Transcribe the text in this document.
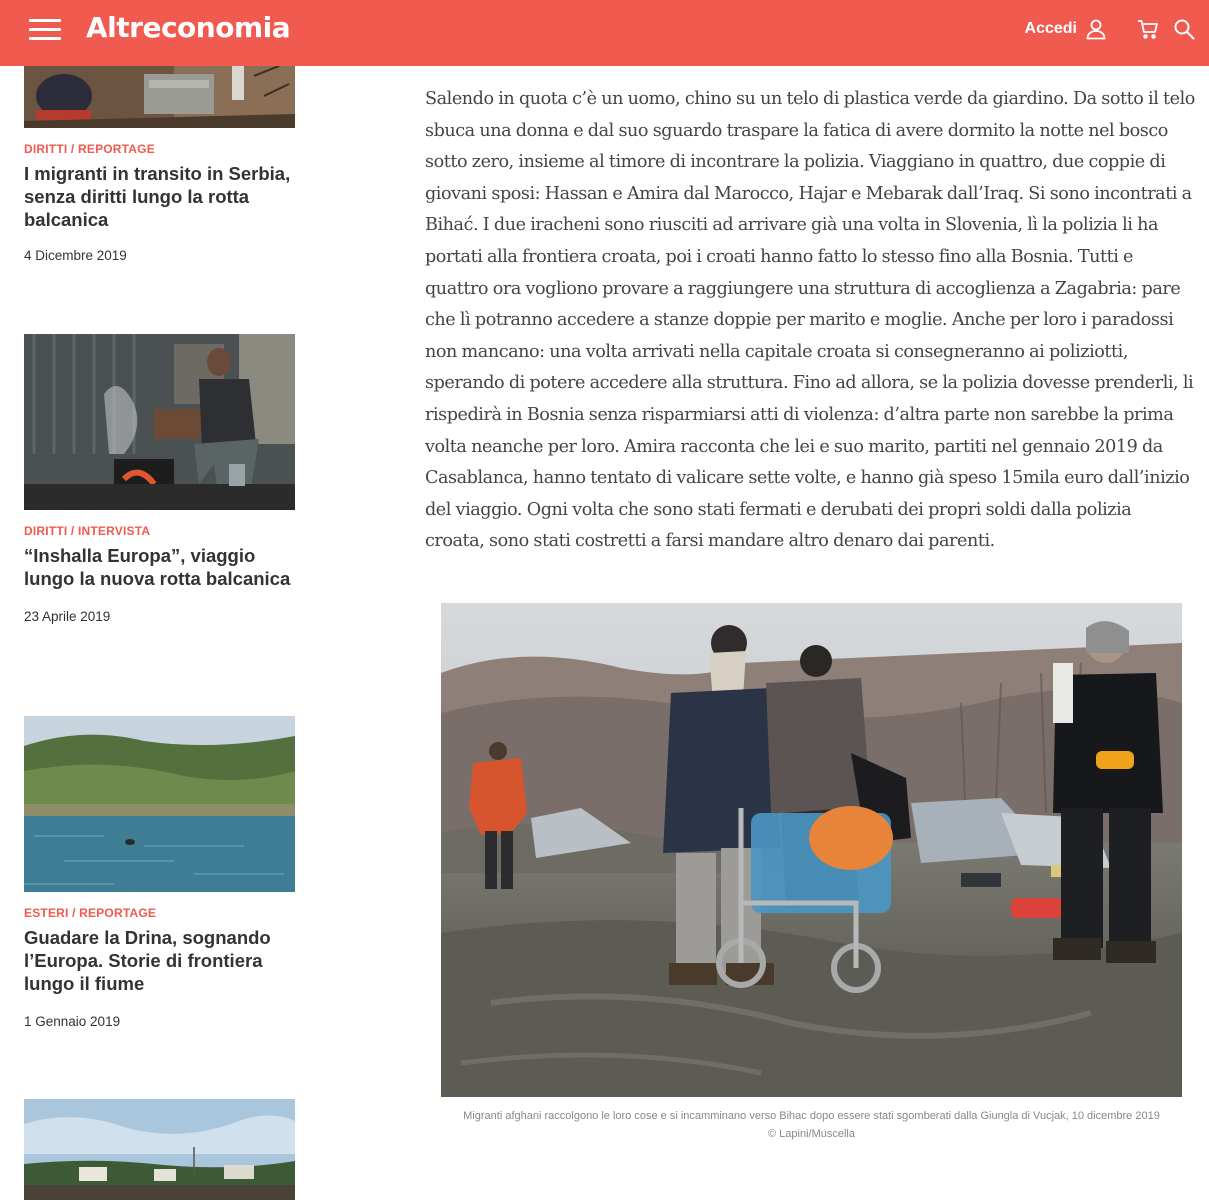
Altreconomia	Accedi
DIRITTI / REPORTAGE
I migranti in transito in Serbia, senza diritti lungo la rotta balcanica
4 Dicembre 2019
DIRITTI / INTERVISTA
“Inshalla Europa”, viaggio lungo la nuova rotta balcanica
23 Aprile 2019
ESTERI / REPORTAGE
Guadare la Drina, sognando l’Europa. Storie di frontiera lungo il fiume
1 Gennaio 2019

Salendo in quota c’è un uomo, chino su un telo di plastica verde da giardino. Da sotto il telo sbuca una donna e dal suo sguardo traspare la fatica di avere dormito la notte nel bosco sotto zero, insieme al timore di incontrare la polizia. Viaggiano in quattro, due coppie di giovani sposi: Hassan e Amira dal Marocco, Hajar e Mebarak dall’Iraq. Si sono incontrati a Bihać. I due iracheni sono riusciti ad arrivare già una volta in Slovenia, lì la polizia li ha portati alla frontiera croata, poi i croati hanno fatto lo stesso fino alla Bosnia. Tutti e quattro ora vogliono provare a raggiungere una struttura di accoglienza a Zagabria: pare che lì potranno accedere a stanze doppie per marito e moglie. Anche per loro i paradossi non mancano: una volta arrivati nella capitale croata si consegneranno ai poliziotti, sperando di potere accedere alla struttura. Fino ad allora, se la polizia dovesse prenderli, li rispedirà in Bosnia senza risparmiarsi atti di violenza: d’altra parte non sarebbe la prima volta neanche per loro. Amira racconta che lei e suo marito, partiti nel gennaio 2019 da Casablanca, hanno tentato di valicare sette volte, e hanno già speso 15mila euro dall’inizio del viaggio. Ogni volta che sono stati fermati e derubati dei propri soldi dalla polizia croata, sono stati costretti a farsi mandare altro denaro dai parenti.

Migranti afghani raccolgono le loro cose e si incamminano verso Bihac dopo essere stati sgomberati dalla Giungla di Vucjak, 10 dicembre 2019
© Lapini/Muscella
